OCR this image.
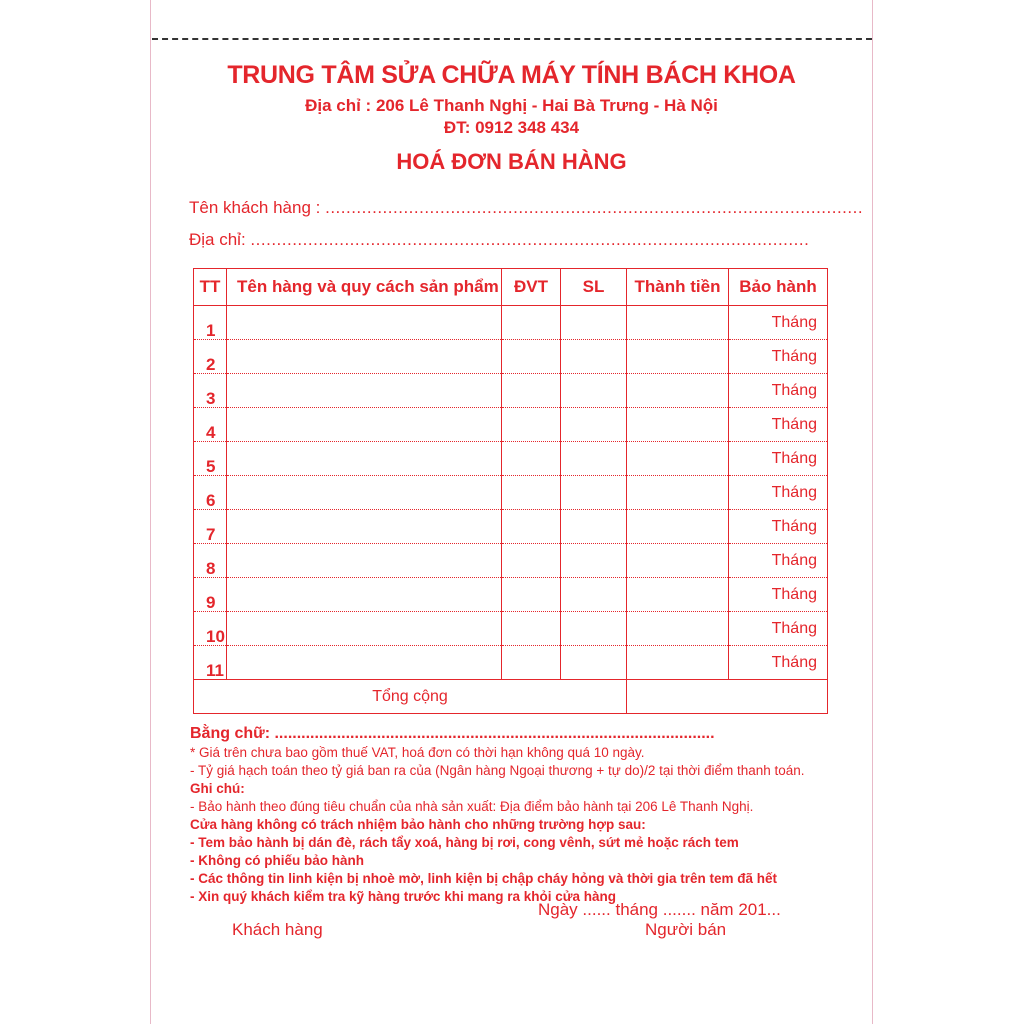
TRUNG TÂM SỬA CHỮA MÁY TÍNH BÁCH KHOA
Địa chỉ : 206 Lê Thanh Nghị - Hai Bà Trưng - Hà Nội
ĐT: 0912 348 434
HOÁ ĐƠN BÁN HÀNG
Tên khách hàng : .......................................................................................................
Địa chỉ: ...........................................................................................................
TT	Tên hàng và quy cách sản phẩm	ĐVT	SL	Thành tiền	Bảo hành
1					Tháng
2					Tháng
3					Tháng
4					Tháng
5					Tháng
6					Tháng
7					Tháng
8					Tháng
9					Tháng
10					Tháng
11					Tháng
Tổng cộng					
Bằng chữ: ...................................................................................................
* Giá trên chưa bao gồm thuế VAT, hoá đơn có thời hạn không quá 10 ngày.
- Tỷ giá hạch toán theo tỷ giá ban ra của (Ngân hàng Ngoại thương + tự do)/2 tại thời điểm thanh toán.
Ghi chú:
- Bảo hành theo đúng tiêu chuẩn của nhà sản xuất: Địa điểm bảo hành tại 206 Lê Thanh Nghị.
Cửa hàng không có trách nhiệm bảo hành cho những trường hợp sau:
- Tem bảo hành bị dán đè, rách tẩy xoá, hàng bị rơi, cong vênh, sứt mẻ hoặc rách tem
- Không có phiếu bảo hành
- Các thông tin linh kiện bị nhoè mờ, linh kiện bị chập cháy hỏng và thời gia trên tem đã hết
- Xin quý khách kiểm tra kỹ hàng trước khi mang ra khỏi cửa hàng
Ngày ...... tháng ....... năm 201...
Khách hàng	Người bán
